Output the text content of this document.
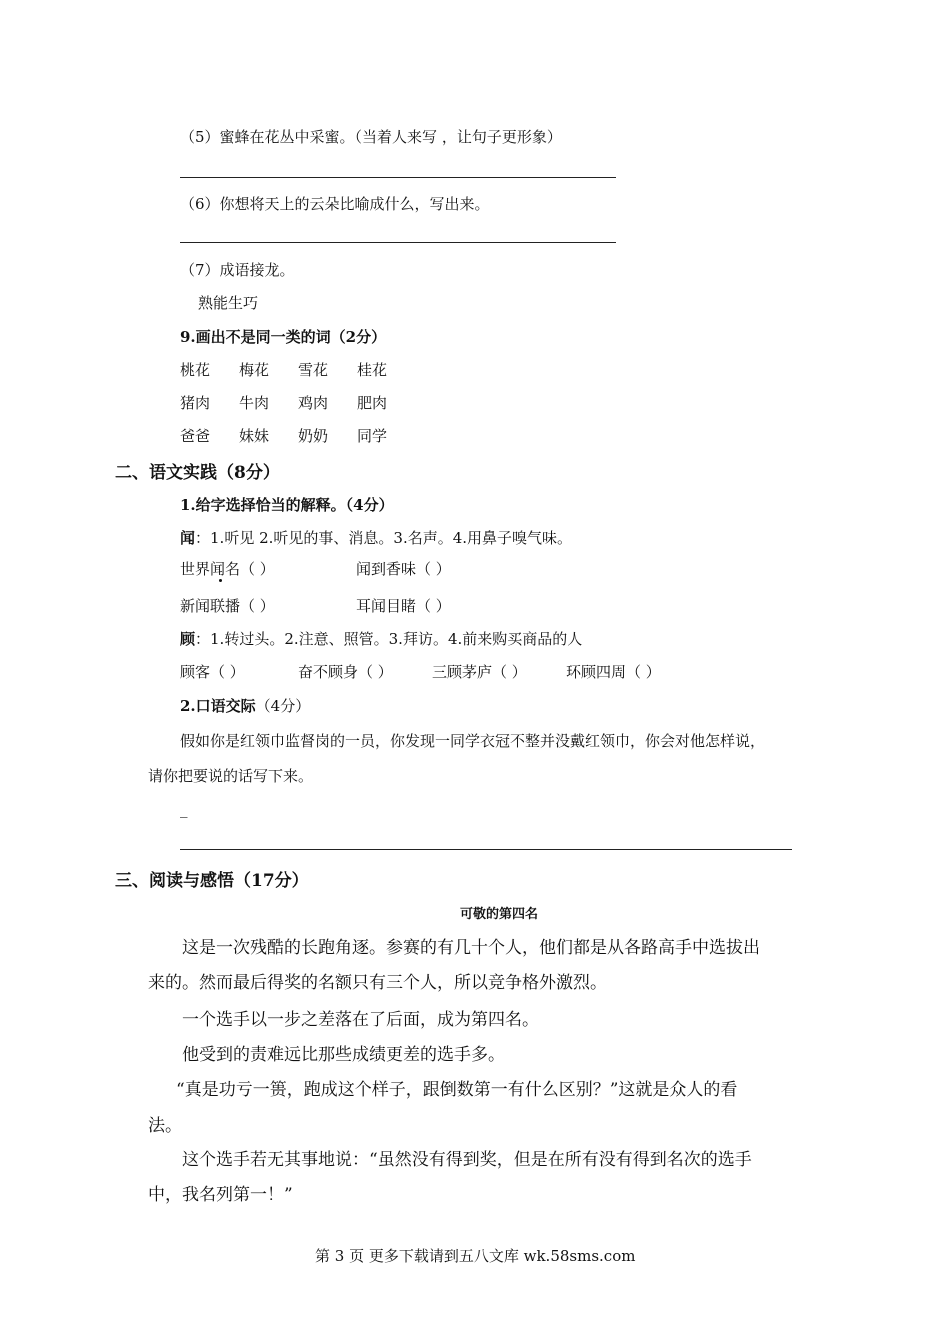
（5）蜜蜂在花丛中采蜜。（当着人来写 ，让句子更形象）
（6）你想将天上的云朵比喻成什么，写出来。
（7）成语接龙。
熟能生巧
9.画出不是同一类的词（2分）
桃花 梅花 雪花 桂花
猪肉 牛肉 鸡肉 肥肉
爸爸 妹妹 奶奶 同学
二、语文实践（8分）
1.给字选择恰当的解释。（4分）
闻：1.听见 2.听见的事、消息。3.名声。4.用鼻子嗅气味。
世界闻名（ ）	闻到香味（ ）
新闻联播（ ）	耳闻目睹（ ）
顾：1.转过头。2.注意、照管。3.拜访。4.前来购买商品的人
顾客（ ）	奋不顾身（ ）	三顾茅庐（ ）	环顾四周（ ）
2.口语交际（4分）
假如你是红领巾监督岗的一员，你发现一同学衣冠不整并没戴红领巾，你会对他怎样说，
请你把要说的话写下来。
_
三、阅读与感悟（17分）
可敬的第四名
这是一次残酷的长跑角逐。参赛的有几十个人，他们都是从各路高手中选拔出
来的。然而最后得奖的名额只有三个人，所以竞争格外激烈。
一个选手以一步之差落在了后面，成为第四名。
他受到的责难远比那些成绩更差的选手多。
“真是功亏一篑，跑成这个样子，跟倒数第一有什么区别？”这就是众人的看
法。
这个选手若无其事地说：“虽然没有得到奖，但是在所有没有得到名次的选手
中，我名列第一！”
第 3 页 更多下载请到五八文库 wk.58sms.com
